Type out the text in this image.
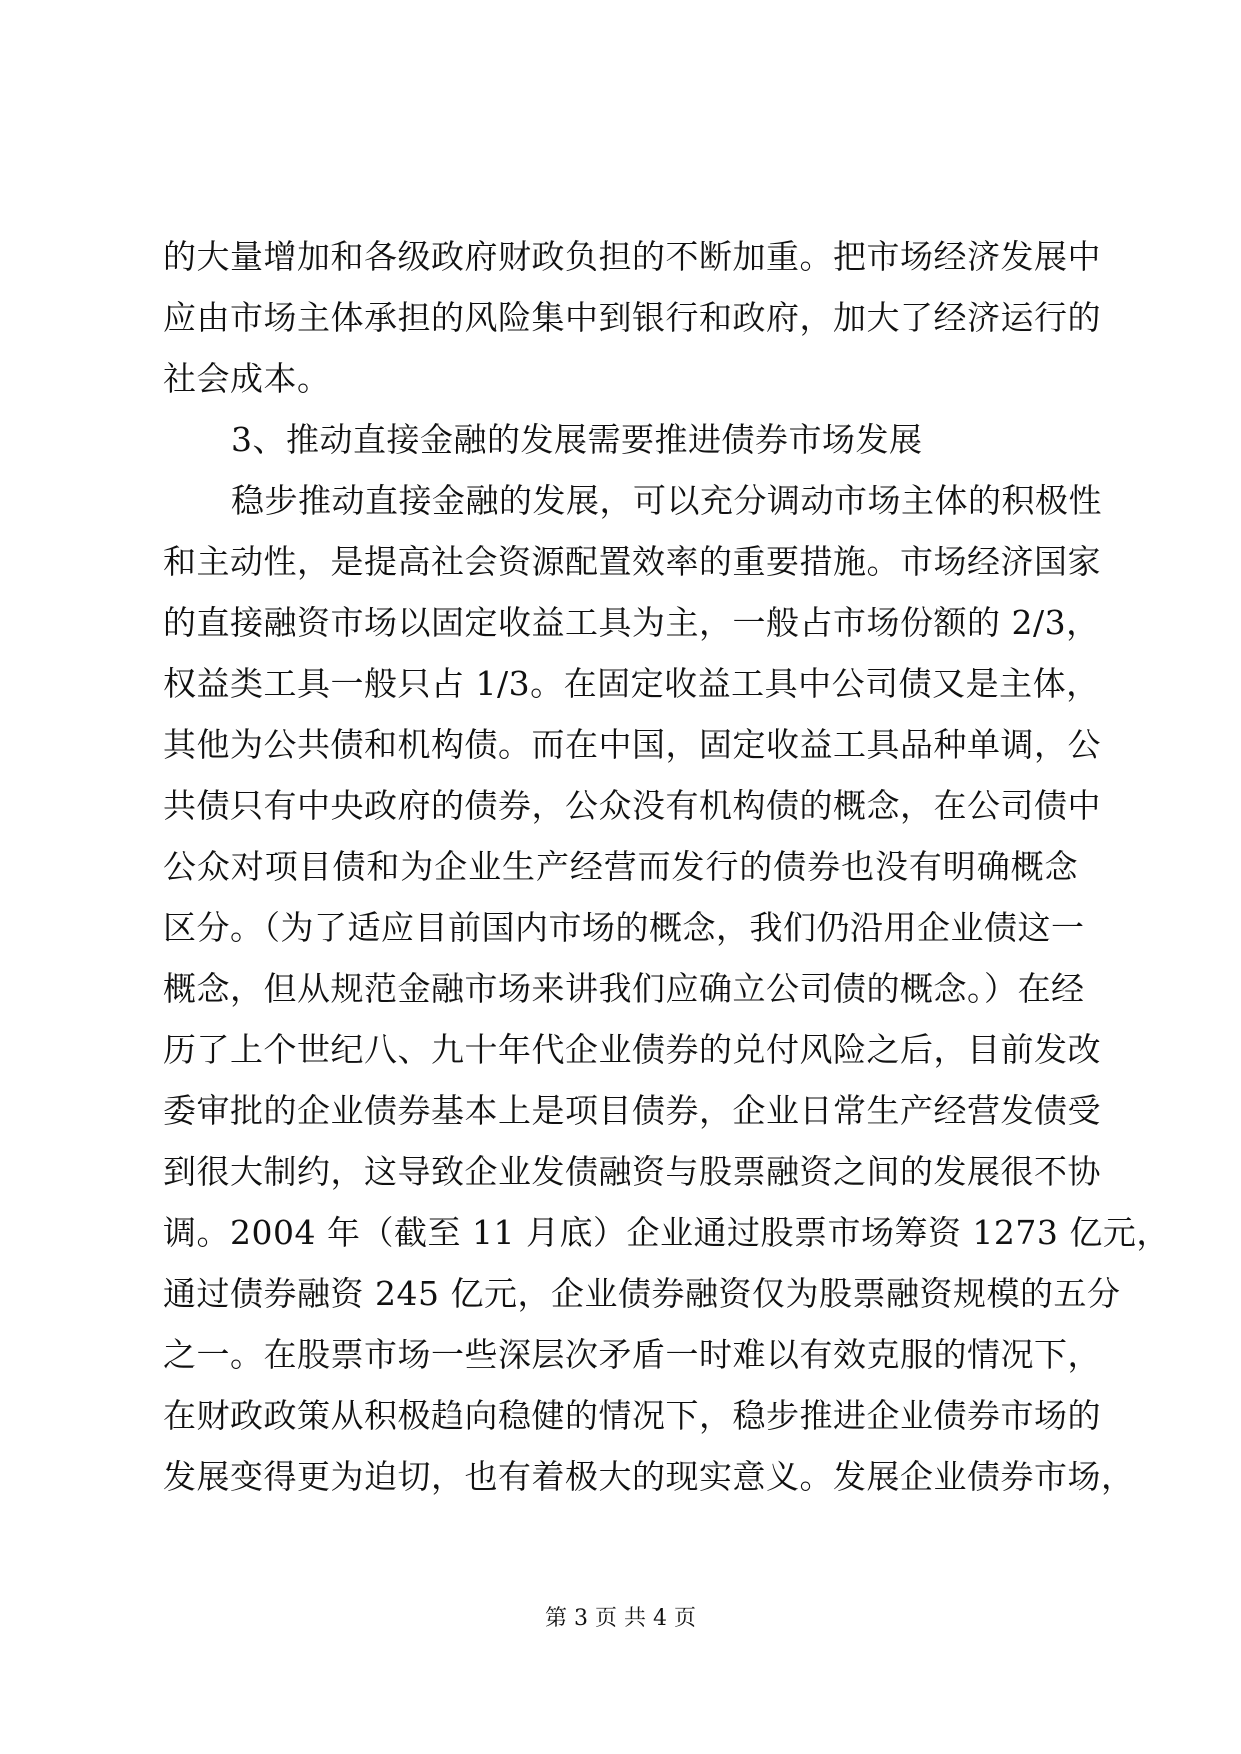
的大量增加和各级政府财政负担的不断加重。把市场经济发展中
应由市场主体承担的风险集中到银行和政府，加大了经济运行的
社会成本。
3、推动直接金融的发展需要推进债券市场发展
稳步推动直接金融的发展，可以充分调动市场主体的积极性
和主动性，是提高社会资源配置效率的重要措施。市场经济国家
的直接融资市场以固定收益工具为主，一般占市场份额的 2/3，
权益类工具一般只占 1/3。在固定收益工具中公司债又是主体，
其他为公共债和机构债。而在中国，固定收益工具品种单调，公
共债只有中央政府的债券，公众没有机构债的概念，在公司债中
公众对项目债和为企业生产经营而发行的债券也没有明确概念
区分。（为了适应目前国内市场的概念，我们仍沿用企业债这一
概念，但从规范金融市场来讲我们应确立公司债的概念。）在经
历了上个世纪八、九十年代企业债券的兑付风险之后，目前发改
委审批的企业债券基本上是项目债券，企业日常生产经营发债受
到很大制约，这导致企业发债融资与股票融资之间的发展很不协
调。2004 年（截至 11 月底）企业通过股票市场筹资 1273 亿元，
通过债券融资 245 亿元，企业债券融资仅为股票融资规模的五分
之一。在股票市场一些深层次矛盾一时难以有效克服的情况下，
在财政政策从积极趋向稳健的情况下，稳步推进企业债券市场的
发展变得更为迫切，也有着极大的现实意义。发展企业债券市场，
第 3 页 共 4 页
